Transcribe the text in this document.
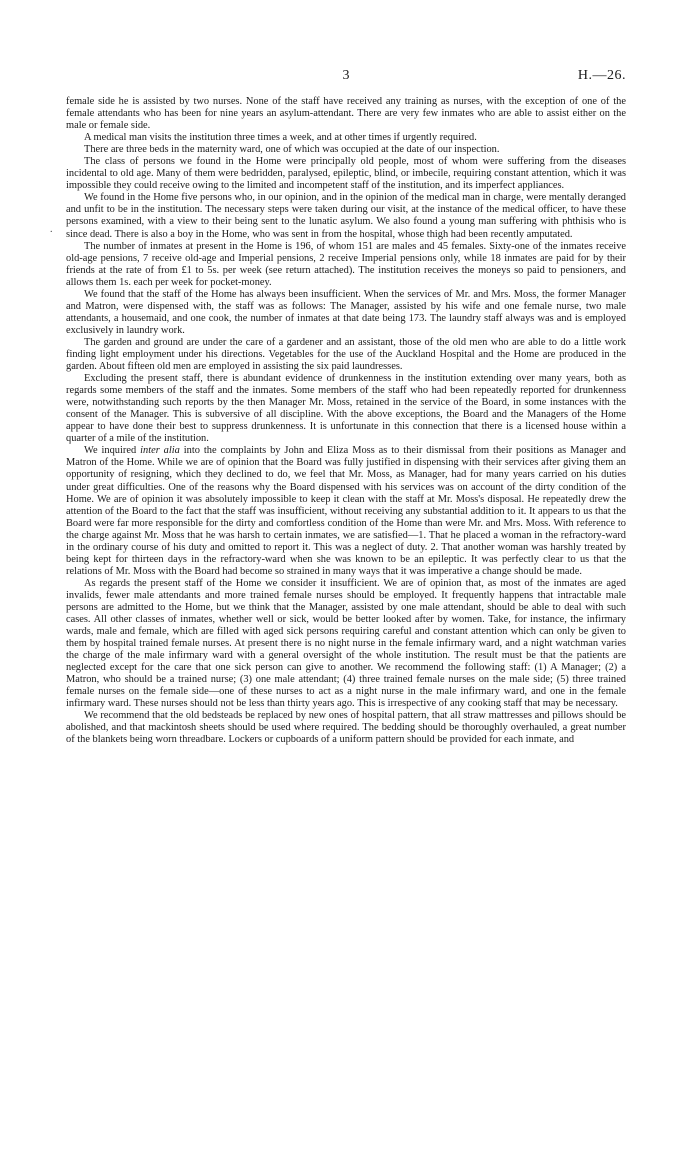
3	H.—26.
.

female side he is assisted by two nurses. None of the staff have received any training as nurses, with the exception of one of the female attendants who has been for nine years an asylum-attendant. There are very few inmates who are able to assist either on the male or female side.

A medical man visits the institution three times a week, and at other times if urgently required.

There are three beds in the maternity ward, one of which was occupied at the date of our inspection.

The class of persons we found in the Home were principally old people, most of whom were suffering from the diseases incidental to old age. Many of them were bedridden, paralysed, epileptic, blind, or imbecile, requiring constant attention, which it was impossible they could receive owing to the limited and incompetent staff of the institution, and its imperfect appliances.

We found in the Home five persons who, in our opinion, and in the opinion of the medical man in charge, were mentally deranged and unfit to be in the institution. The necessary steps were taken during our visit, at the instance of the medical officer, to have these persons examined, with a view to their being sent to the lunatic asylum. We also found a young man suffering with phthisis who is since dead. There is also a boy in the Home, who was sent in from the hospital, whose thigh had been recently amputated.

The number of inmates at present in the Home is 196, of whom 151 are males and 45 females. Sixty-one of the inmates receive old-age pensions, 7 receive old-age and Imperial pensions, 2 receive Imperial pensions only, while 18 inmates are paid for by their friends at the rate of from £1 to 5s. per week (see return attached). The institution receives the moneys so paid to pensioners, and allows them 1s. each per week for pocket-money.

We found that the staff of the Home has always been insufficient. When the services of Mr. and Mrs. Moss, the former Manager and Matron, were dispensed with, the staff was as follows: The Manager, assisted by his wife and one female nurse, two male attendants, a housemaid, and one cook, the number of inmates at that date being 173. The laundry staff always was and is employed exclusively in laundry work.

The garden and ground are under the care of a gardener and an assistant, those of the old men who are able to do a little work finding light employment under his directions. Vegetables for the use of the Auckland Hospital and the Home are produced in the garden. About fifteen old men are employed in assisting the six paid laundresses.

Excluding the present staff, there is abundant evidence of drunkenness in the institution extending over many years, both as regards some members of the staff and the inmates. Some members of the staff who had been repeatedly reported for drunkenness were, notwithstanding such reports by the then Manager Mr. Moss, retained in the service of the Board, in some instances with the consent of the Manager. This is subversive of all discipline. With the above exceptions, the Board and the Managers of the Home appear to have done their best to suppress drunkenness. It is unfortunate in this connection that there is a licensed house within a quarter of a mile of the institution.

We inquired inter alia into the complaints by John and Eliza Moss as to their dismissal from their positions as Manager and Matron of the Home. While we are of opinion that the Board was fully justified in dispensing with their services after giving them an opportunity of resigning, which they declined to do, we feel that Mr. Moss, as Manager, had for many years carried on his duties under great difficulties. One of the reasons why the Board dispensed with his services was on account of the dirty condition of the Home. We are of opinion it was absolutely impossible to keep it clean with the staff at Mr. Moss's disposal. He repeatedly drew the attention of the Board to the fact that the staff was insufficient, without receiving any substantial addition to it. It appears to us that the Board were far more responsible for the dirty and comfortless condition of the Home than were Mr. and Mrs. Moss. With reference to the charge against Mr. Moss that he was harsh to certain inmates, we are satisfied—1. That he placed a woman in the refractory-ward in the ordinary course of his duty and omitted to report it. This was a neglect of duty. 2. That another woman was harshly treated by being kept for thirteen days in the refractory-ward when she was known to be an epileptic. It was perfectly clear to us that the relations of Mr. Moss with the Board had become so strained in many ways that it was imperative a change should be made.

As regards the present staff of the Home we consider it insufficient. We are of opinion that, as most of the inmates are aged invalids, fewer male attendants and more trained female nurses should be employed. It frequently happens that intractable male persons are admitted to the Home, but we think that the Manager, assisted by one male attendant, should be able to deal with such cases. All other classes of inmates, whether well or sick, would be better looked after by women. Take, for instance, the infirmary wards, male and female, which are filled with aged sick persons requiring careful and constant attention which can only be given to them by hospital trained female nurses. At present there is no night nurse in the female infirmary ward, and a night watchman varies the charge of the male infirmary ward with a general oversight of the whole institution. The result must be that the patients are neglected except for the care that one sick person can give to another. We recommend the following staff: (1) A Manager; (2) a Matron, who should be a trained nurse; (3) one male attendant; (4) three trained female nurses on the male side; (5) three trained female nurses on the female side—one of these nurses to act as a night nurse in the male infirmary ward, and one in the female infirmary ward. These nurses should not be less than thirty years ago. This is irrespective of any cooking staff that may be necessary.

We recommend that the old bedsteads be replaced by new ones of hospital pattern, that all straw mattresses and pillows should be abolished, and that mackintosh sheets should be used where required. The bedding should be thoroughly overhauled, a great number of the blankets being worn threadbare. Lockers or cupboards of a uniform pattern should be provided for each inmate, and
